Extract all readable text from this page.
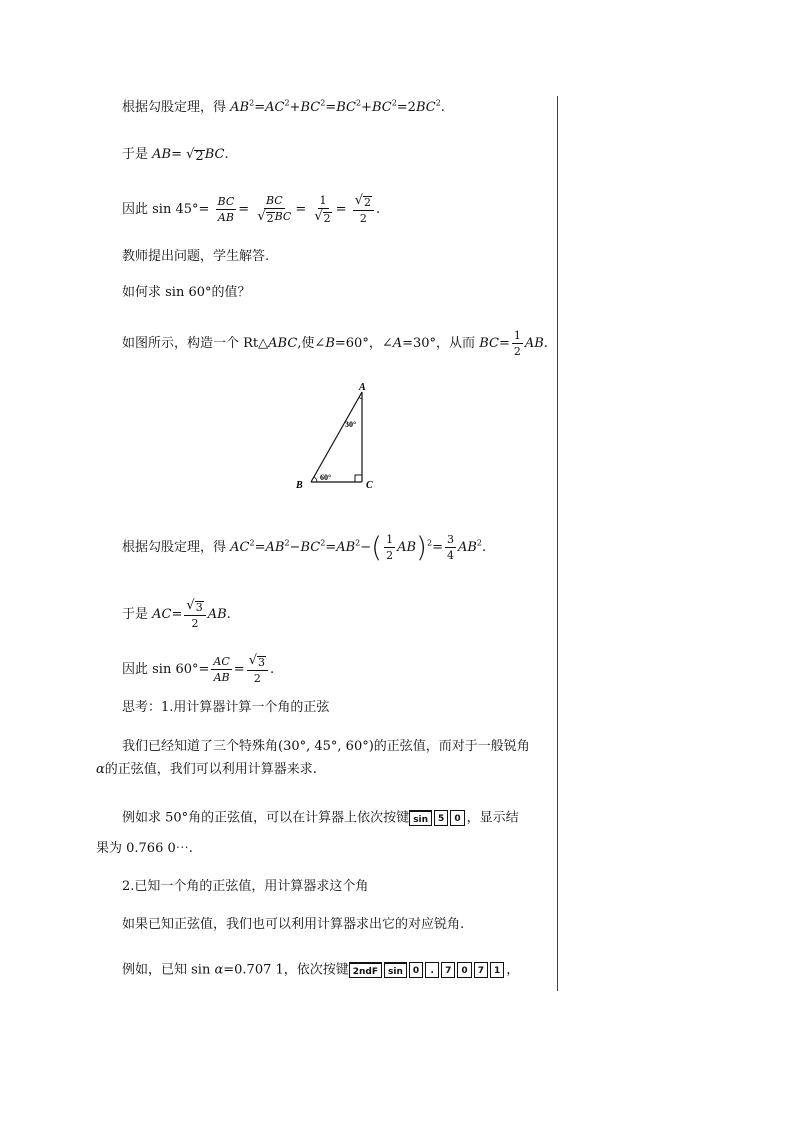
根据勾股定理，得 $AB^2=AC^2+BC^2=BC^2+BC^2=2BC^2$.
于是 AB= √ 2 BC.
因此 $\sin 45^\circ= \frac{BC}{AB} = \frac{BC}{√ 2 BC} = \frac{1}{√ 2} = \frac{√ 2}{2}$ .
教师提出问题，学生解答.
如何求 sin 60°的值？
如图所示，构造一个 Rt△ABC,使∠B=60°，∠A=30°，从而 $BC= \frac{1}{2}$ AB.
A
B	C
30°
60°
根据勾股定理，得 $AC^2=AB^2-BC^2=AB^2-( \frac{1}{2} AB)^2= \frac{3}{4} AB^2$.
于是 $AC= \frac{√ 3}{2}$ AB.
因此 $\sin 60^\circ= \frac{AC}{AB} = \frac{√ 3}{2}$ .
思考：1.用计算器计算一个角的正弦
我们已经知道了三个特殊角(30°, 45°, 60°)的正弦值，而对于一般锐角
α的正弦值，我们可以利用计算器来求.
例如求 50°角的正弦值，可以在计算器上依次按键 sin 5 0 ，显示结
果为 0.766 0⋯.
2.已知一个角的正弦值，用计算器求这个角
如果已知正弦值，我们也可以利用计算器求出它的对应锐角.
例如，已知 sin α=0.707 1，依次按键 2ndF sin 0 . 7 0 7 1 ，
